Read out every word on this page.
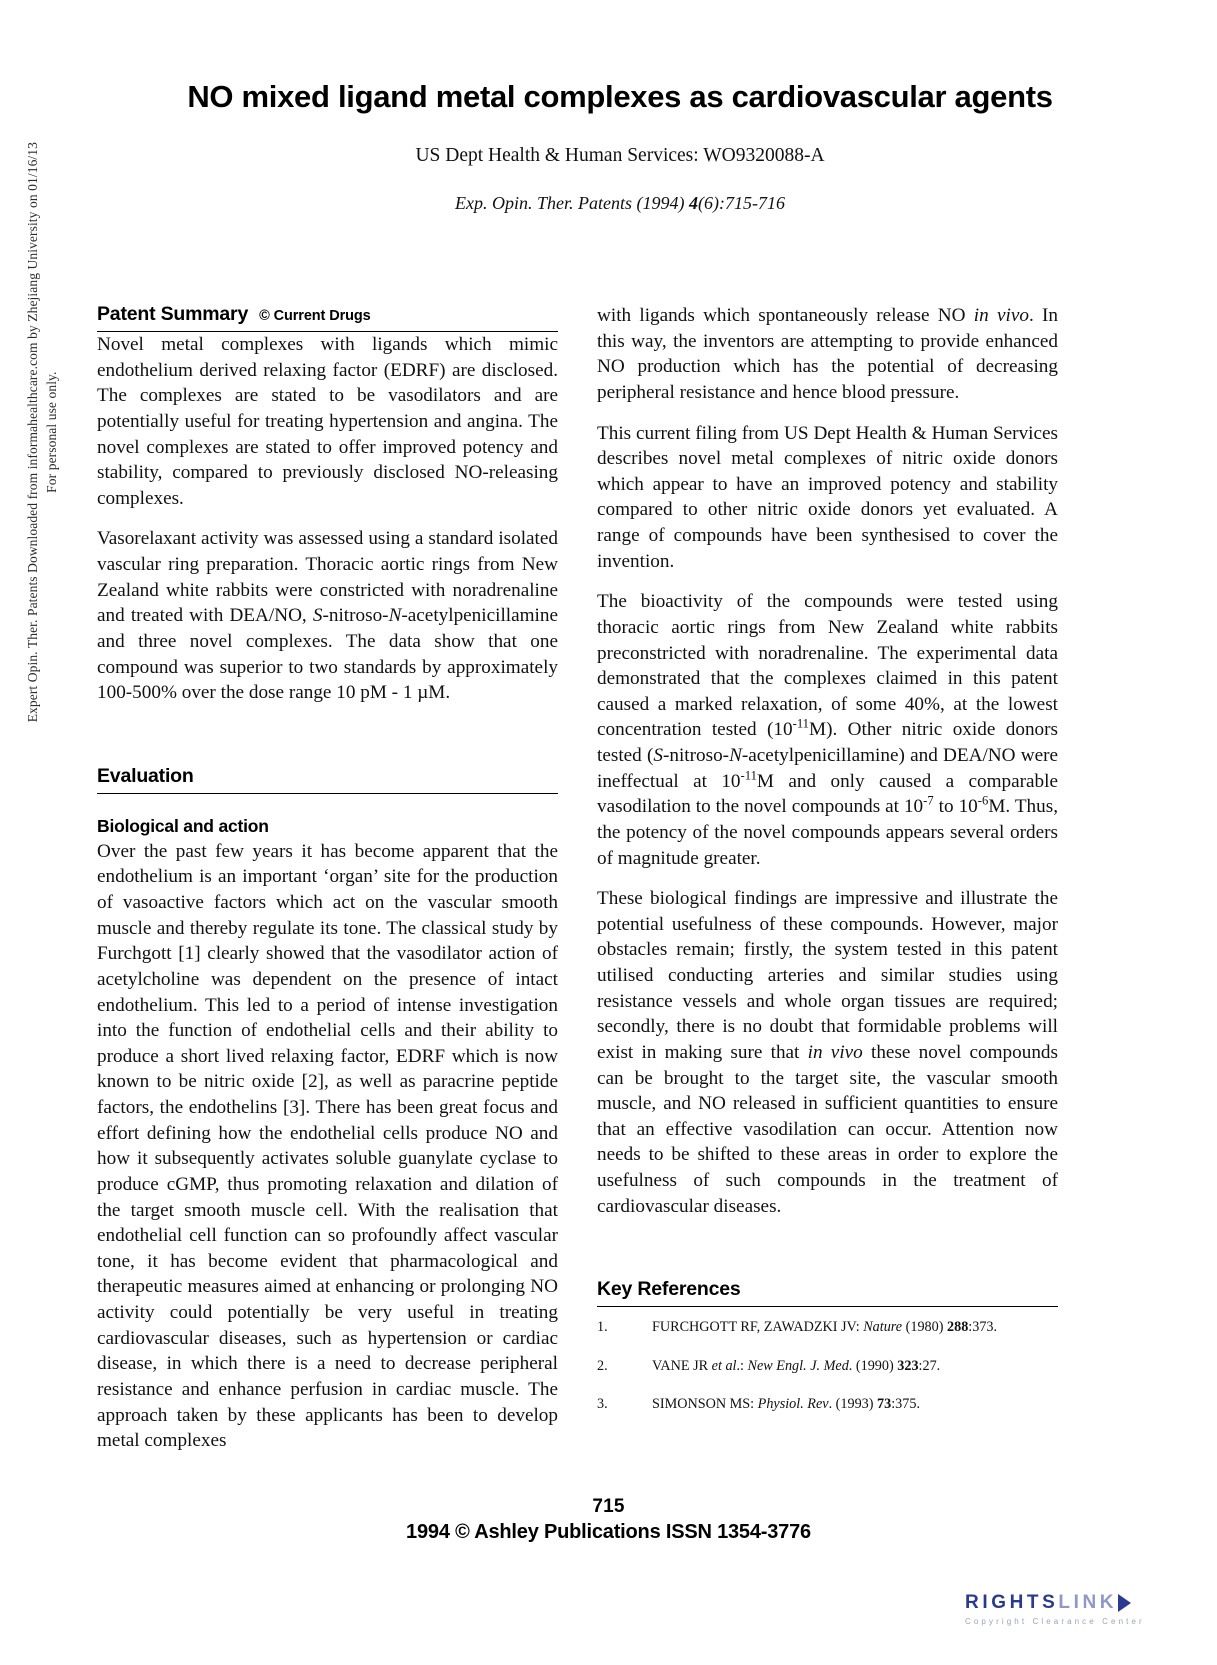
Expert Opin. Ther. Patents Downloaded from informahealthcare.com by Zhejiang University on 01/16/13 For personal use only.
NO mixed ligand metal complexes as cardiovascular agents
US Dept Health & Human Services: WO9320088-A
Exp. Opin. Ther. Patents (1994) 4(6):715-716
Patent Summary © Current Drugs

Novel metal complexes with ligands which mimic endothelium derived relaxing factor (EDRF) are disclosed. The complexes are stated to be vasodilators and are potentially useful for treating hypertension and angina. The novel complexes are stated to offer improved potency and stability, compared to previously disclosed NO-releasing complexes.

Vasorelaxant activity was assessed using a standard isolated vascular ring preparation. Thoracic aortic rings from New Zealand white rabbits were constricted with noradrenaline and treated with DEA/NO, S-nitroso-N-acetylpenicillamine and three novel complexes. The data show that one compound was superior to two standards by approximately 100-500% over the dose range 10 pM - 1 µM.

Evaluation
Biological and action

Over the past few years it has become apparent that the endothelium is an important ‘organ’ site for the production of vasoactive factors which act on the vascular smooth muscle and thereby regulate its tone. The classical study by Furchgott [1] clearly showed that the vasodilator action of acetylcholine was dependent on the presence of intact endothelium. This led to a period of intense investigation into the function of endothelial cells and their ability to produce a short lived relaxing factor, EDRF which is now known to be nitric oxide [2], as well as paracrine peptide factors, the endothelins [3]. There has been great focus and effort defining how the endothelial cells produce NO and how it subsequently activates soluble guanylate cyclase to produce cGMP, thus promoting relaxation and dilation of the target smooth muscle cell. With the realisation that endothelial cell function can so profoundly affect vascular tone, it has become evident that pharmacological and therapeutic measures aimed at enhancing or prolonging NO activity could potentially be very useful in treating cardiovascular diseases, such as hypertension or cardiac disease, in which there is a need to decrease peripheral resistance and enhance perfusion in cardiac muscle. The approach taken by these applicants has been to develop metal complexes

with ligands which spontaneously release NO in vivo. In this way, the inventors are attempting to provide enhanced NO production which has the potential of decreasing peripheral resistance and hence blood pressure.

This current filing from US Dept Health & Human Services describes novel metal complexes of nitric oxide donors which appear to have an improved potency and stability compared to other nitric oxide donors yet evaluated. A range of compounds have been synthesised to cover the invention.

The bioactivity of the compounds were tested using thoracic aortic rings from New Zealand white rabbits preconstricted with noradrenaline. The experimental data demonstrated that the complexes claimed in this patent caused a marked relaxation, of some 40%, at the lowest concentration tested $(10^{-11}M)$. Other nitric oxide donors tested (S-nitroso-N-acetylpenicillamine) and DEA/NO were ineffectual at $10^{-11}M$ and only caused a comparable vasodilation to the novel compounds at $10^{-7}$ to $10^{-6}M$. Thus, the potency of the novel compounds appears several orders of magnitude greater.

These biological findings are impressive and illustrate the potential usefulness of these compounds. However, major obstacles remain; firstly, the system tested in this patent utilised conducting arteries and similar studies using resistance vessels and whole organ tissues are required; secondly, there is no doubt that formidable problems will exist in making sure that in vivo these novel compounds can be brought to the target site, the vascular smooth muscle, and NO released in sufficient quantities to ensure that an effective vasodilation can occur. Attention now needs to be shifted to these areas in order to explore the usefulness of such compounds in the treatment of cardiovascular diseases.

Key References
1.	FURCHGOTT RF, ZAWADZKI JV: Nature (1980) 288:373.
2.	VANE JR et al.: New Engl. J. Med. (1990) 323:27.
3.	SIMONSON MS: Physiol. Rev. (1993) 73:375.
715
1994 © Ashley Publications ISSN 1354-3776
RIGHTS LINK
Copyright Clearance Center
